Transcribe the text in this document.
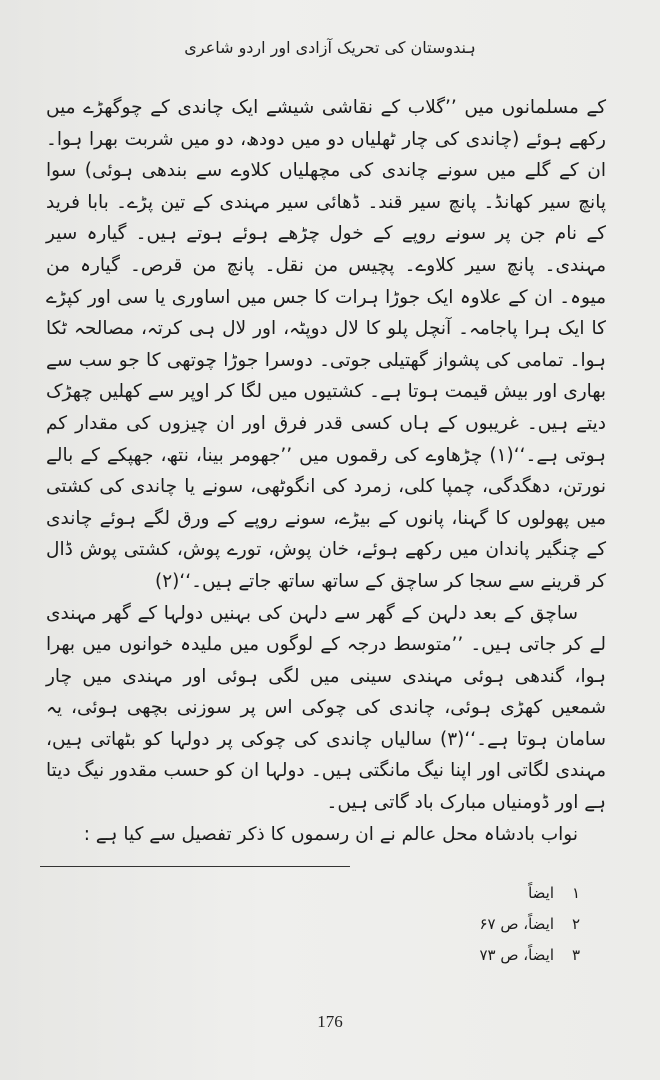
ہندوستان کی تحریک آزادی اور اردو شاعری

کے مسلمانوں میں ’’گلاب کے نقاشی شیشے ایک چاندی کے چوگھڑے میں رکھے ہوئے (چاندی کی چار ٹھلیاں دو میں دودھ، دو میں شربت بھرا ہوا۔ ان کے گلے میں سونے چاندی کی مچھلیاں کلاوے سے بندھی ہوئی) سوا پانچ سیر کھانڈ۔ پانچ سیر قند۔ ڈھائی سیر مہندی کے تین پڑے۔ بابا فرید کے نام جن پر سونے روپے کے خول چڑھے ہوئے ہوتے ہیں۔ گیارہ سیر مہندی۔ پانچ سیر کلاوے۔ پچیس من نقل۔ پانچ من قرص۔ گیارہ من میوہ۔ ان کے علاوہ ایک جوڑا ہرات کا جس میں اساوری یا سی اور کپڑے کا ایک ہرا پاجامہ۔ آنچل پلو کا لال دوپٹہ، اور لال ہی کرتہ، مصالحہ ٹکا ہوا۔ تمامی کی پشواز گھتیلی جوتی۔ دوسرا جوڑا چوتھی کا جو سب سے بھاری اور بیش قیمت ہوتا ہے۔ کشتیوں میں لگا کر اوپر سے کھلیں چھڑک دیتے ہیں۔ غریبوں کے ہاں کسی قدر فرق اور ان چیزوں کی مقدار کم ہوتی ہے۔‘‘(۱) چڑھاوے کی رقموں میں ’’جھومر بینا، نتھ، جھپکے کے بالے نورتن، دھگدگی، چمپا کلی، زمرد کی انگوٹھی، سونے یا چاندی کی کشتی میں پھولوں کا گہنا، پانوں کے بیڑے، سونے روپے کے ورق لگے ہوئے چاندی کے چنگیر پاندان میں رکھے ہوئے، خان پوش، تورے پوش، کشتی پوش ڈال کر قرینے سے سجا کر ساچق کے ساتھ ساتھ جاتے ہیں۔‘‘(۲)

ساچق کے بعد دلہن کے گھر سے دلہن کی بہنیں دولہا کے گھر مہندی لے کر جاتی ہیں۔ ’’متوسط درجہ کے لوگوں میں ملیدہ خوانوں میں بھرا ہوا، گندھی ہوئی مہندی سینی میں لگی ہوئی اور مہندی میں چار شمعیں کھڑی ہوئی، چاندی کی چوکی اس پر سوزنی بچھی ہوئی، یہ سامان ہوتا ہے۔‘‘(۳) سالیاں چاندی کی چوکی پر دولہا کو بٹھاتی ہیں، مہندی لگاتی اور اپنا نیگ مانگتی ہیں۔ دولہا ان کو حسب مقدور نیگ دیتا ہے اور ڈومنیاں مبارک باد گاتی ہیں۔

نواب بادشاہ محل عالم نے ان رسموں کا ذکر تفصیل سے کیا ہے :

۱
ایضاً
۲
ایضاً، ص ۶۷
۳
ایضاً، ص ۷۳
176
